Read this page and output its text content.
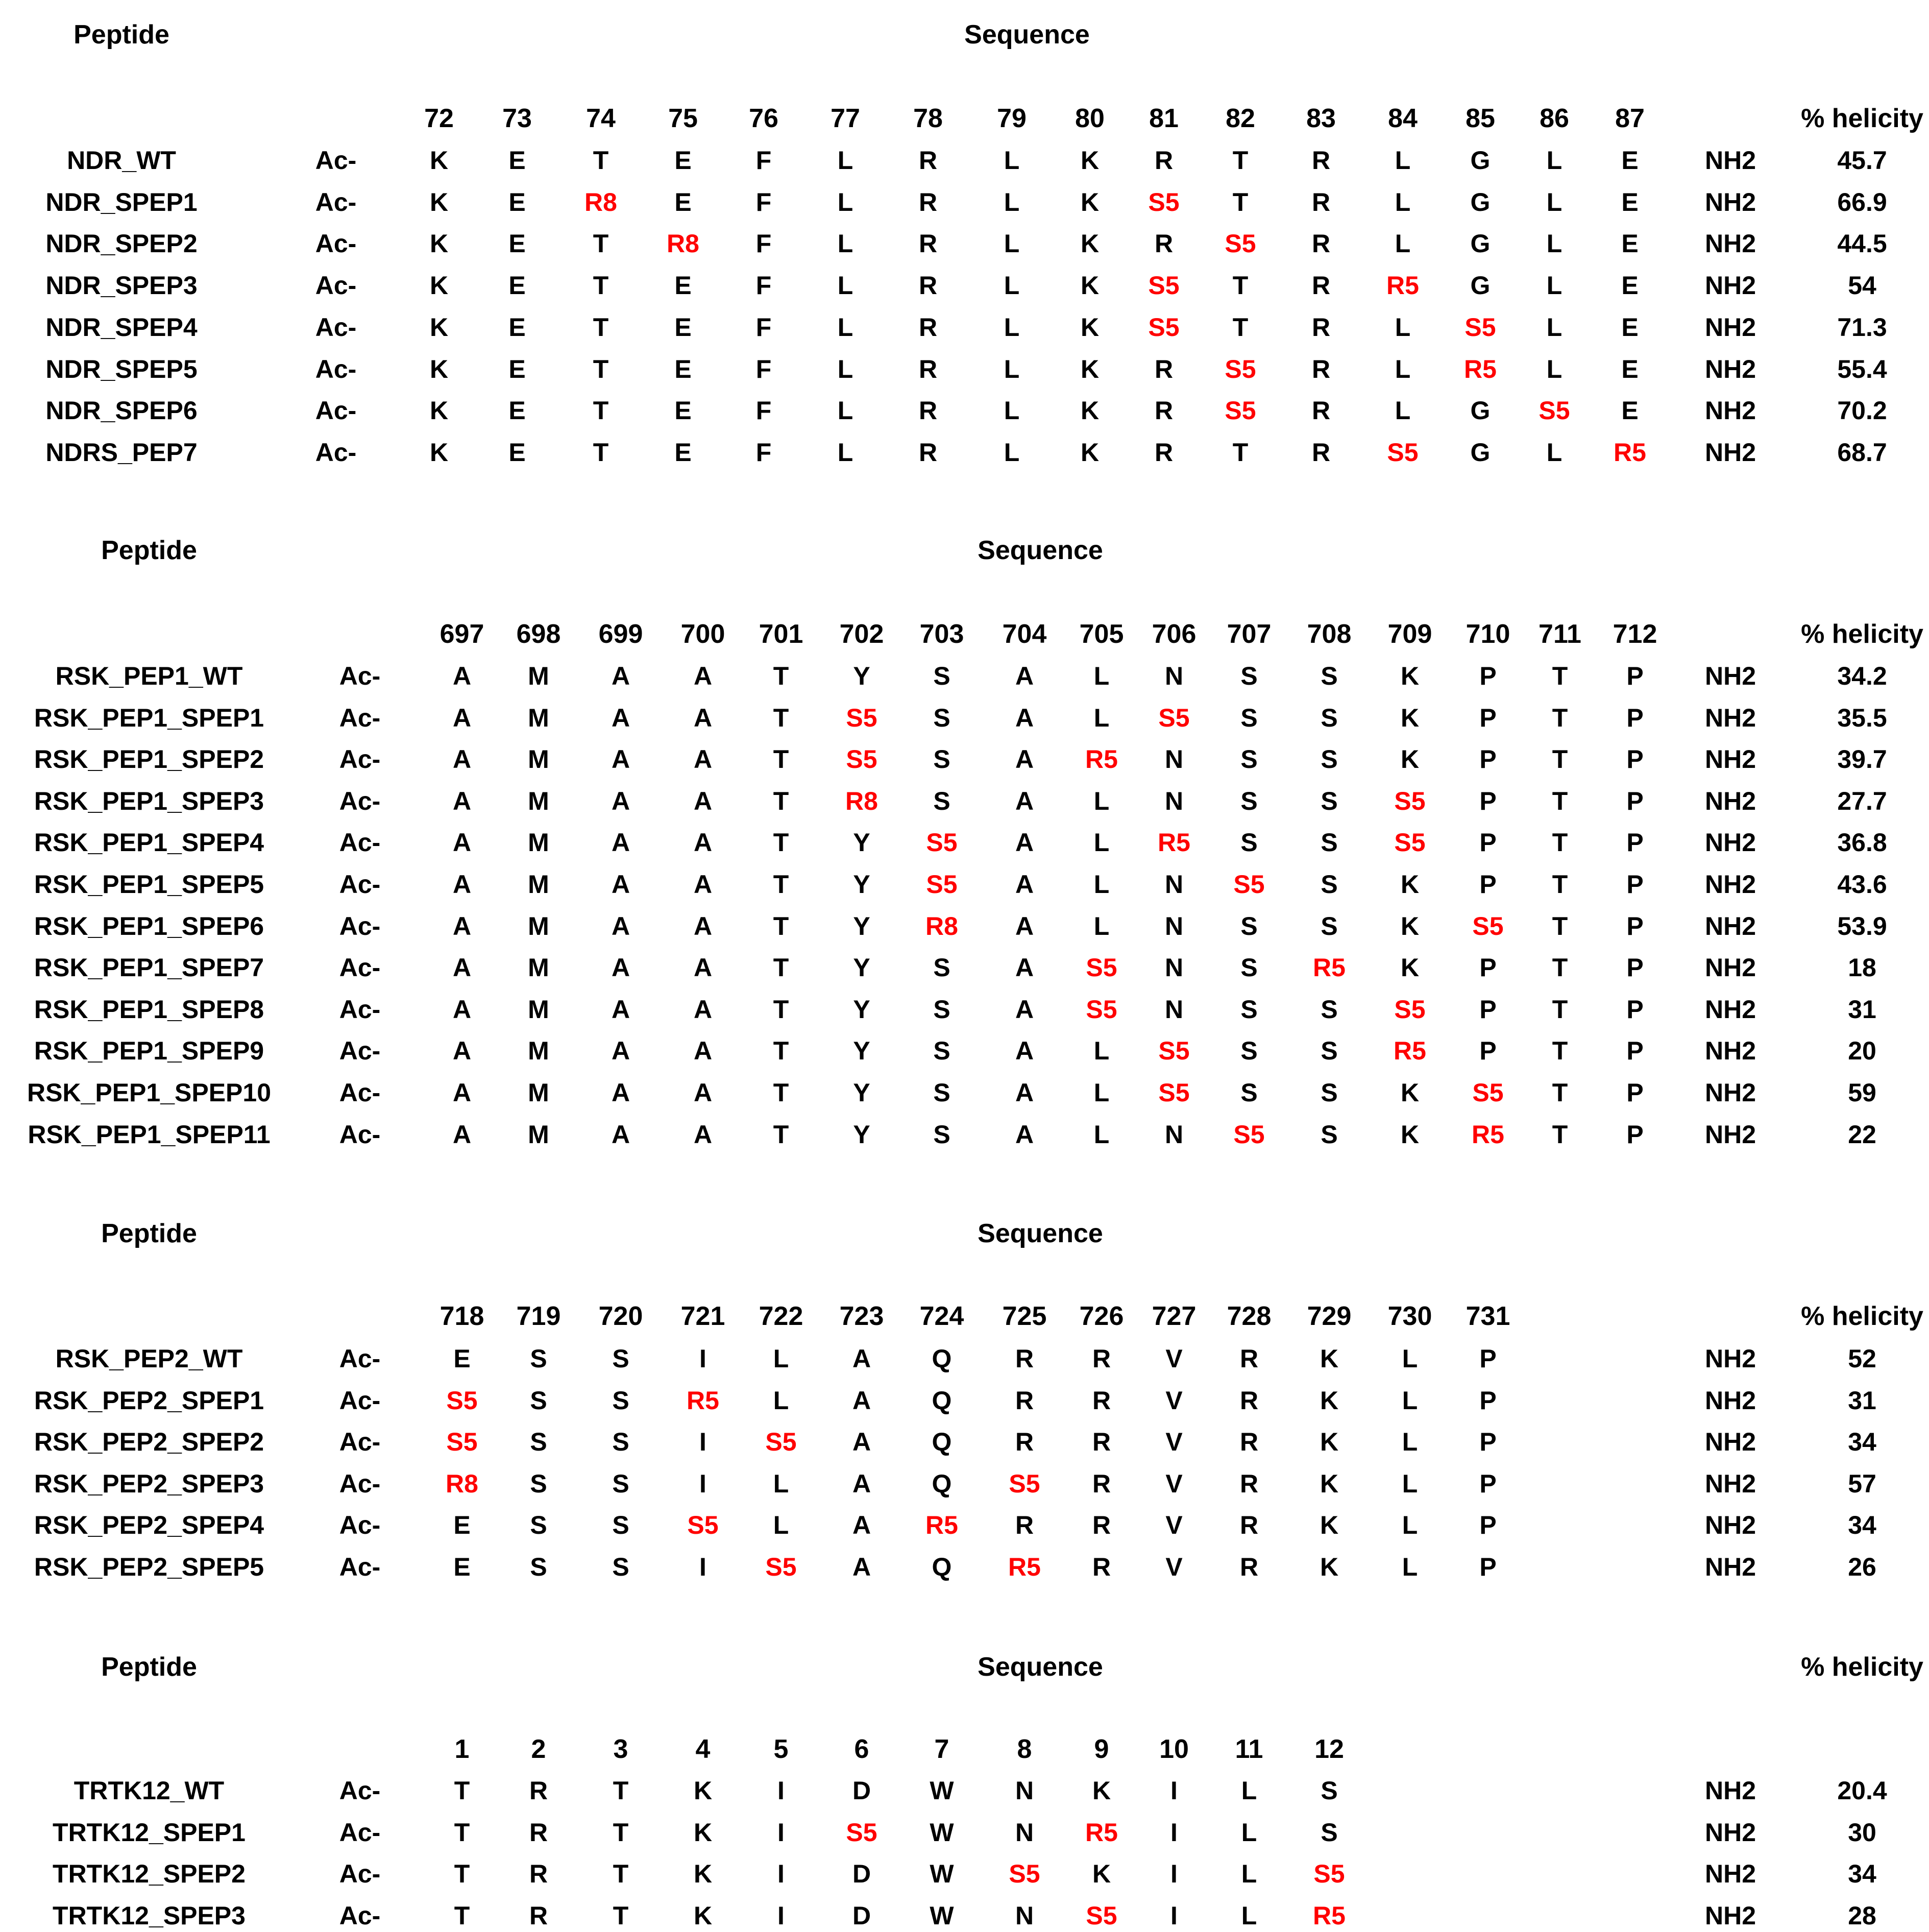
Peptide	Sequence
% helicity
72 73 74 75 76 77 78 79 80 81 82 83 84 85 86 87
NDR_WT	Ac-	K E	T	E	F	L	R	L K R T R	L G L E	NH2	45.7
NDR_SPEP1	Ac-	K E R8 E	F	L	R	L K S5 T R	L G L E	NH2	66.9
NDR_SPEP2	Ac-	K E	T R8 F	L	R	L K R S5 R	L G L E	NH2	44.5
NDR_SPEP3	Ac-	K E	T	E	F	L	R	L K S5 T R R5 G L E	NH2	54
NDR_SPEP4	Ac-	K E	T	E	F	L	R	L K S5 T R	L S5 L E	NH2	71.3
NDR_SPEP5	Ac-	K E	T	E	F	L	R	L K R S5 R	L R5 L E	NH2	55.4
NDR_SPEP6	Ac-	K E	T	E	F	L	R	L K R S5 R	L G S5 E	NH2	70.2
NDRS_PEP7	Ac-	K E	T	E	F	L	R	L K R T R S5 G L R5 NH2	68.7
Peptide	Sequence
% helicity
697 698 699 700 701 702 703 704 705 706 707 708 709 710 711 712
RSK_PEP1_WT	Ac-	A M A A T	Y S	A L N S S K P T P NH2	34.2
RSK_PEP1_SPEP1	Ac-	A M A A T S5 S	A L S5 S S K P T P NH2	35.5
RSK_PEP1_SPEP2	Ac-	A M A A T S5 S	A R5 N S S K P T P NH2	39.7
RSK_PEP1_SPEP3	Ac-	A M A A T R8 S	A L N S S S5 P T P NH2	27.7
RSK_PEP1_SPEP4	Ac-	A M A A T	Y S5 A L R5 S S S5 P T P NH2	36.8
RSK_PEP1_SPEP5	Ac-	A M A A T	Y S5 A L N S5 S K P T P NH2	43.6
RSK_PEP1_SPEP6	Ac-	A M A A T	Y R8 A L N S S K S5 T P NH2	53.9
RSK_PEP1_SPEP7	Ac-	A M A A T	Y S	A S5 N S R5 K P T P NH2	18
RSK_PEP1_SPEP8	Ac-	A M A A T	Y S	A S5 N S S S5 P T P NH2	31
RSK_PEP1_SPEP9	Ac-	A M A A T	Y S	A L S5 S S R5 P T P NH2	20
RSK_PEP1_SPEP10	Ac-	A M A A T	Y S	A L S5 S S K S5 T P NH2	59
RSK_PEP1_SPEP11	Ac-	A M A A T	Y S	A L N S5 S K R5 T P NH2	22
Peptide	Sequence
% helicity
718 719 720 721 722 723 724 725 726 727 728 729 730 731
RSK_PEP2_WT	Ac-	E S	S	I	L A Q R R V R K L P	NH2	52
RSK_PEP2_SPEP1	Ac-	S5 S	S R5 L A Q R R V R K L P	NH2	31
RSK_PEP2_SPEP2	Ac-	S5 S	S	I S5 A Q R R V R K L P	NH2	34
RSK_PEP2_SPEP3	Ac-	R8 S	S	I	L A Q S5 R V R K L P	NH2	57
RSK_PEP2_SPEP4	Ac-	E S	S S5 L A R5 R R V R K L P	NH2	34
RSK_PEP2_SPEP5	Ac-	E S	S	I S5 A Q R5 R V R K L P	NH2	26
Peptide	Sequence	% helicity
1 2	3	4 5 6 7	8 9 10 11 12
TRTK12_WT	Ac-	T R	T	K	I	D W N K I L	S	NH2	20.4
TRTK12_SPEP1	Ac-	T R	T	K	I S5 W N R5 I L	S	NH2	30
TRTK12_SPEP2	Ac-	T R	T	K	I	D W S5 K I L S5	NH2	34
TRTK12_SPEP3	Ac-	T R	T	K	I	D W N S5 I L R5	NH2	28
